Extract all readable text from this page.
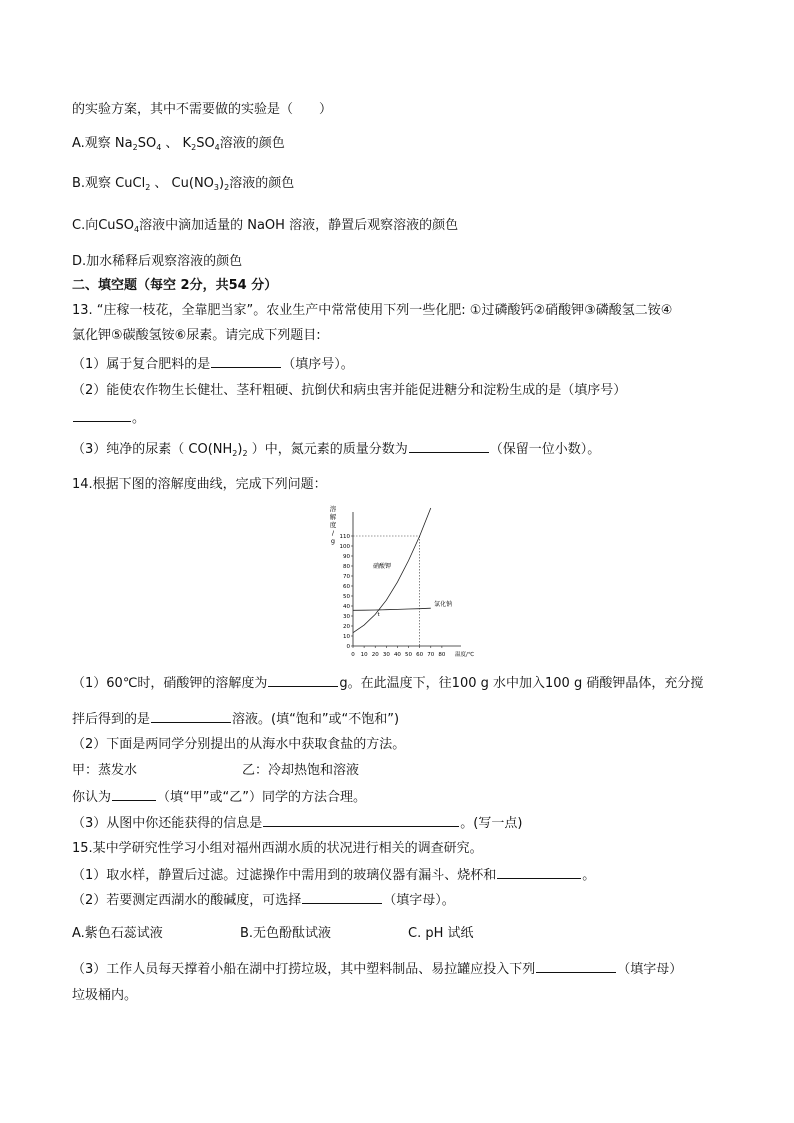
的实验方案，其中不需要做的实验是（　　）
A.观察 $Na_2SO_4$ 、 $K_2SO_4$溶液的颜色
B.观察 CuCl$_2$ 、 $Cu(NO_3)_2$溶液的颜色
C.向CuSO$_4$溶液中滴加适量的 NaOH 溶液，静置后观察溶液的颜色
D.加水稀释后观察溶液的颜色
二、填空题（每空 2分，共54 分）
13. “庄稼一枝花，全靠肥当家”。农业生产中常常使用下列一些化肥: ①过磷酸钙②硝酸钾③磷酸氢二铵④
氯化钾⑤碳酸氢铵⑥尿素。请完成下列题目:
（1）属于复合肥料的是	（填序号）。
（2）能使农作物生长健壮、茎秆粗硬、抗倒伏和病虫害并能促进糖分和淀粉生成的是（填序号）
。
（3）纯净的尿素（ $CO(NH_2)_2$ ）中，氮元素的质量分数为	（保留一位小数）。
14.根据下图的溶解度曲线，完成下列问题：
溶
解
度
/
g
0
10
20
30
40
50
60
70
80
90
100
110
0 10 20 30 40 50 60 70 80 温度/℃
硝酸钾
氯化钠
t
（1）60℃时，硝酸钾的溶解度为	g。在此温度下，往100 g 水中加入100 g 硝酸钾晶体，充分搅
拌后得到的是	溶液。(填“饱和”或“不饱和”)
（2）下面是两同学分别提出的从海水中获取食盐的方法。
甲：蒸发水	乙：冷却热饱和溶液
你认为	（填“甲”或“乙”）同学的方法合理。
（3）从图中你还能获得的信息是	。(写一点)
15.某中学研究性学习小组对福州西湖水质的状况进行相关的调查研究。
（1）取水样，静置后过滤。过滤操作中需用到的玻璃仪器有漏斗、烧杯和	。
（2）若要测定西湖水的酸碱度，可选择	（填字母）。
A.紫色石蕊试液	B.无色酚酞试液	C. pH 试纸
（3）工作人员每天撑着小船在湖中打捞垃圾，其中塑料制品、易拉罐应投入下列	（填字母）
垃圾桶内。
